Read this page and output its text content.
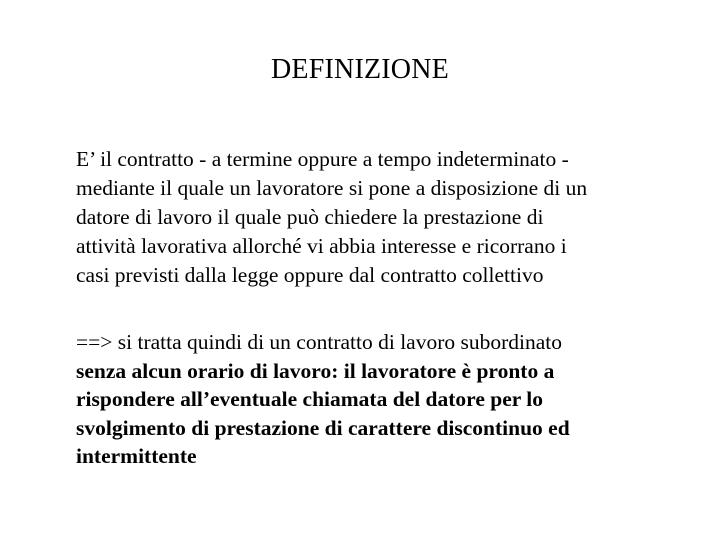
DEFINIZIONE
E’ il contratto - a termine oppure a tempo indeterminato -
mediante il quale un lavoratore si pone a disposizione di un
datore di lavoro il quale può chiedere la prestazione di
attività lavorativa allorché vi abbia interesse e ricorrano i
casi previsti dalla legge oppure dal contratto collettivo
==> si tratta quindi di un contratto di lavoro subordinato
senza alcun orario di lavoro: il lavoratore è pronto a
rispondere all’eventuale chiamata del datore per lo
svolgimento di prestazione di carattere discontinuo ed
intermittente
